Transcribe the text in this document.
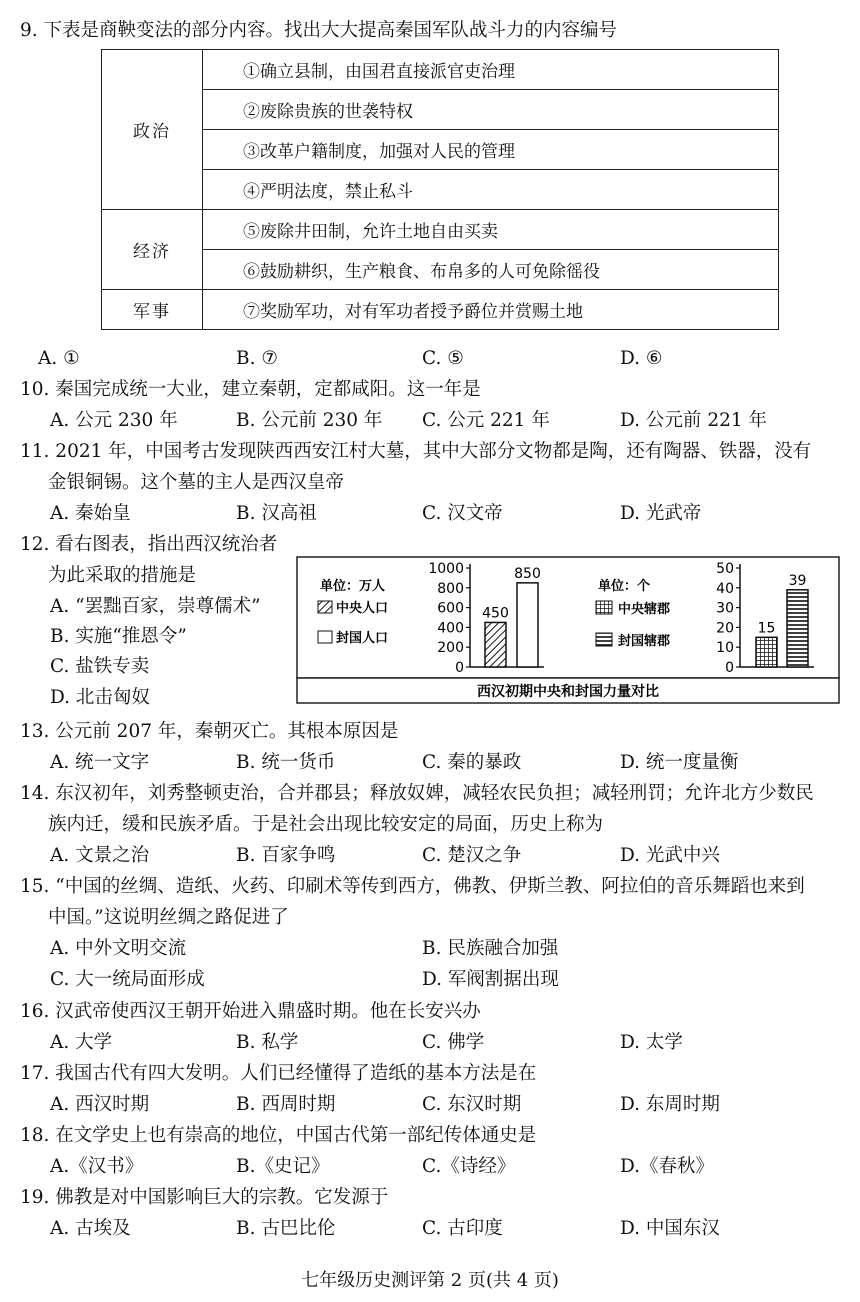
9. 下表是商鞅变法的部分内容。找出大大提高秦国军队战斗力的内容编号
政治	①确立县制，由国君直接派官吏治理
	②废除贵族的世袭特权
	③改革户籍制度，加强对人民的管理
	④严明法度，禁止私斗
经济	⑤废除井田制，允许土地自由买卖
	⑥鼓励耕织，生产粮食、布帛多的人可免除徭役
军事	⑦奖励军功，对有军功者授予爵位并赏赐土地
A. ①	B. ⑦	C. ⑤	D. ⑥
10. 秦国完成统一大业，建立秦朝，定都咸阳。这一年是
A. 公元 230 年	B. 公元前 230 年 C. 公元 221 年	D. 公元前 221 年
11. 2021 年，中国考古发现陕西西安江村大墓，其中大部分文物都是陶，还有陶器、铁器，没有
金银铜锡。这个墓的主人是西汉皇帝
A. 秦始皇	B. 汉高祖	C. 汉文帝	D. 光武帝
12. 看右图表，指出西汉统治者
为此采取的措施是
A. “罢黜百家，崇尊儒术”
B. 实施“推恩令”
C. 盐铁专卖
D. 北击匈奴	西汉初期中央和封国力量对比
单位：万人
中央人口
封国人口
1000
800
600
400
200
0
450
850
单位：个
中央辖郡
封国辖郡
50
40
30
20
10
0
15
39
13. 公元前 207 年，秦朝灭亡。其根本原因是
A. 统一文字	B. 统一货币	C. 秦的暴政	D. 统一度量衡
14. 东汉初年，刘秀整顿吏治，合并郡县；释放奴婢，减轻农民负担；减轻刑罚；允许北方少数民
族内迁，缓和民族矛盾。于是社会出现比较安定的局面，历史上称为
A. 文景之治	B. 百家争鸣	C. 楚汉之争	D. 光武中兴
15. “中国的丝绸、造纸、火药、印刷术等传到西方，佛教、伊斯兰教、阿拉伯的音乐舞蹈也来到
中国。”这说明丝绸之路促进了
A. 中外文明交流	B. 民族融合加强
C. 大一统局面形成	D. 军阀割据出现
16. 汉武帝使西汉王朝开始进入鼎盛时期。他在长安兴办
A. 大学	B. 私学	C. 佛学	D. 太学
17. 我国古代有四大发明。人们已经懂得了造纸的基本方法是在
A. 西汉时期	B. 西周时期	C. 东汉时期	D. 东周时期
18. 在文学史上也有崇高的地位，中国古代第一部纪传体通史是
A.《汉书》	B.《史记》	C.《诗经》	D.《春秋》
19. 佛教是对中国影响巨大的宗教。它发源于
A. 古埃及	B. 古巴比伦	C. 古印度	D. 中国东汉
七年级历史测评第 2 页(共 4 页)
